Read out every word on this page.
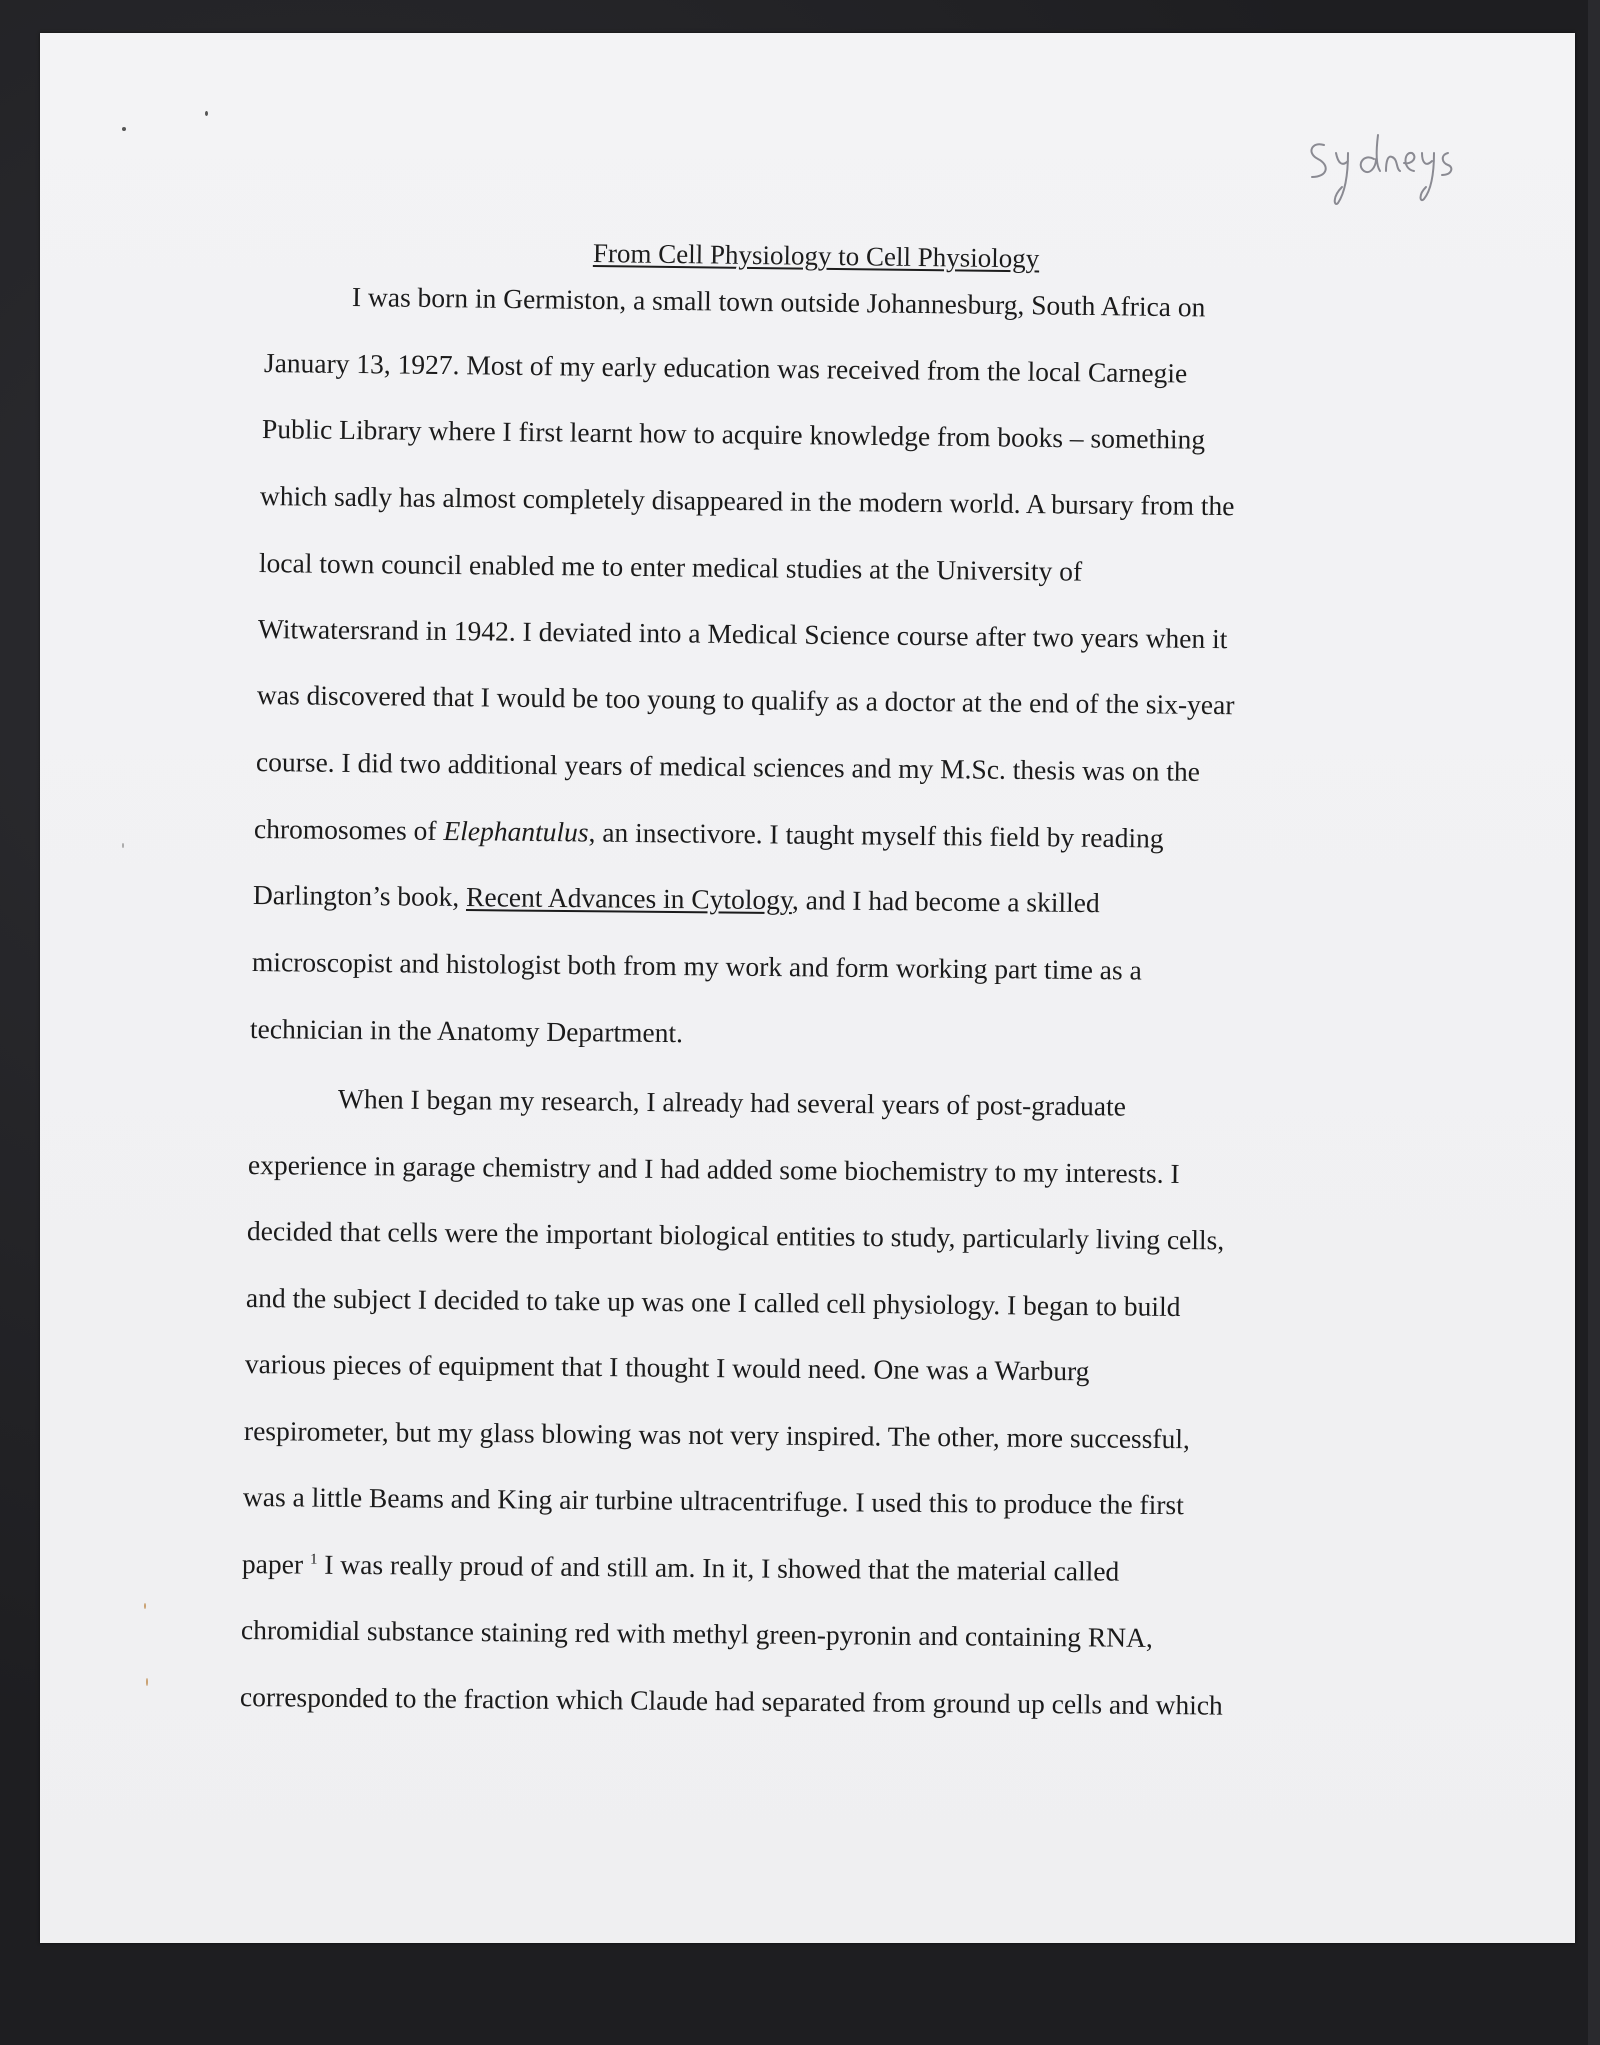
From Cell Physiology to Cell Physiology
I was born in Germiston, a small town outside Johannesburg, South Africa on
January 13, 1927. Most of my early education was received from the local Carnegie
Public Library where I first learnt how to acquire knowledge from books – something
which sadly has almost completely disappeared in the modern world. A bursary from the
local town council enabled me to enter medical studies at the University of
Witwatersrand in 1942. I deviated into a Medical Science course after two years when it
was discovered that I would be too young to qualify as a doctor at the end of the six-year
course. I did two additional years of medical sciences and my M.Sc. thesis was on the
chromosomes of Elephantulus, an insectivore. I taught myself this field by reading
Darlington’s book, Recent Advances in Cytology, and I had become a skilled
microscopist and histologist both from my work and form working part time as a
technician in the Anatomy Department.
When I began my research, I already had several years of post-graduate
experience in garage chemistry and I had added some biochemistry to my interests. I
decided that cells were the important biological entities to study, particularly living cells,
and the subject I decided to take up was one I called cell physiology. I began to build
various pieces of equipment that I thought I would need. One was a Warburg
respirometer, but my glass blowing was not very inspired. The other, more successful,
was a little Beams and King air turbine ultracentrifuge. I used this to produce the first
paper $^1$ I was really proud of and still am. In it, I showed that the material called
chromidial substance staining red with methyl green-pyronin and containing RNA,
corresponded to the fraction which Claude had separated from ground up cells and which
